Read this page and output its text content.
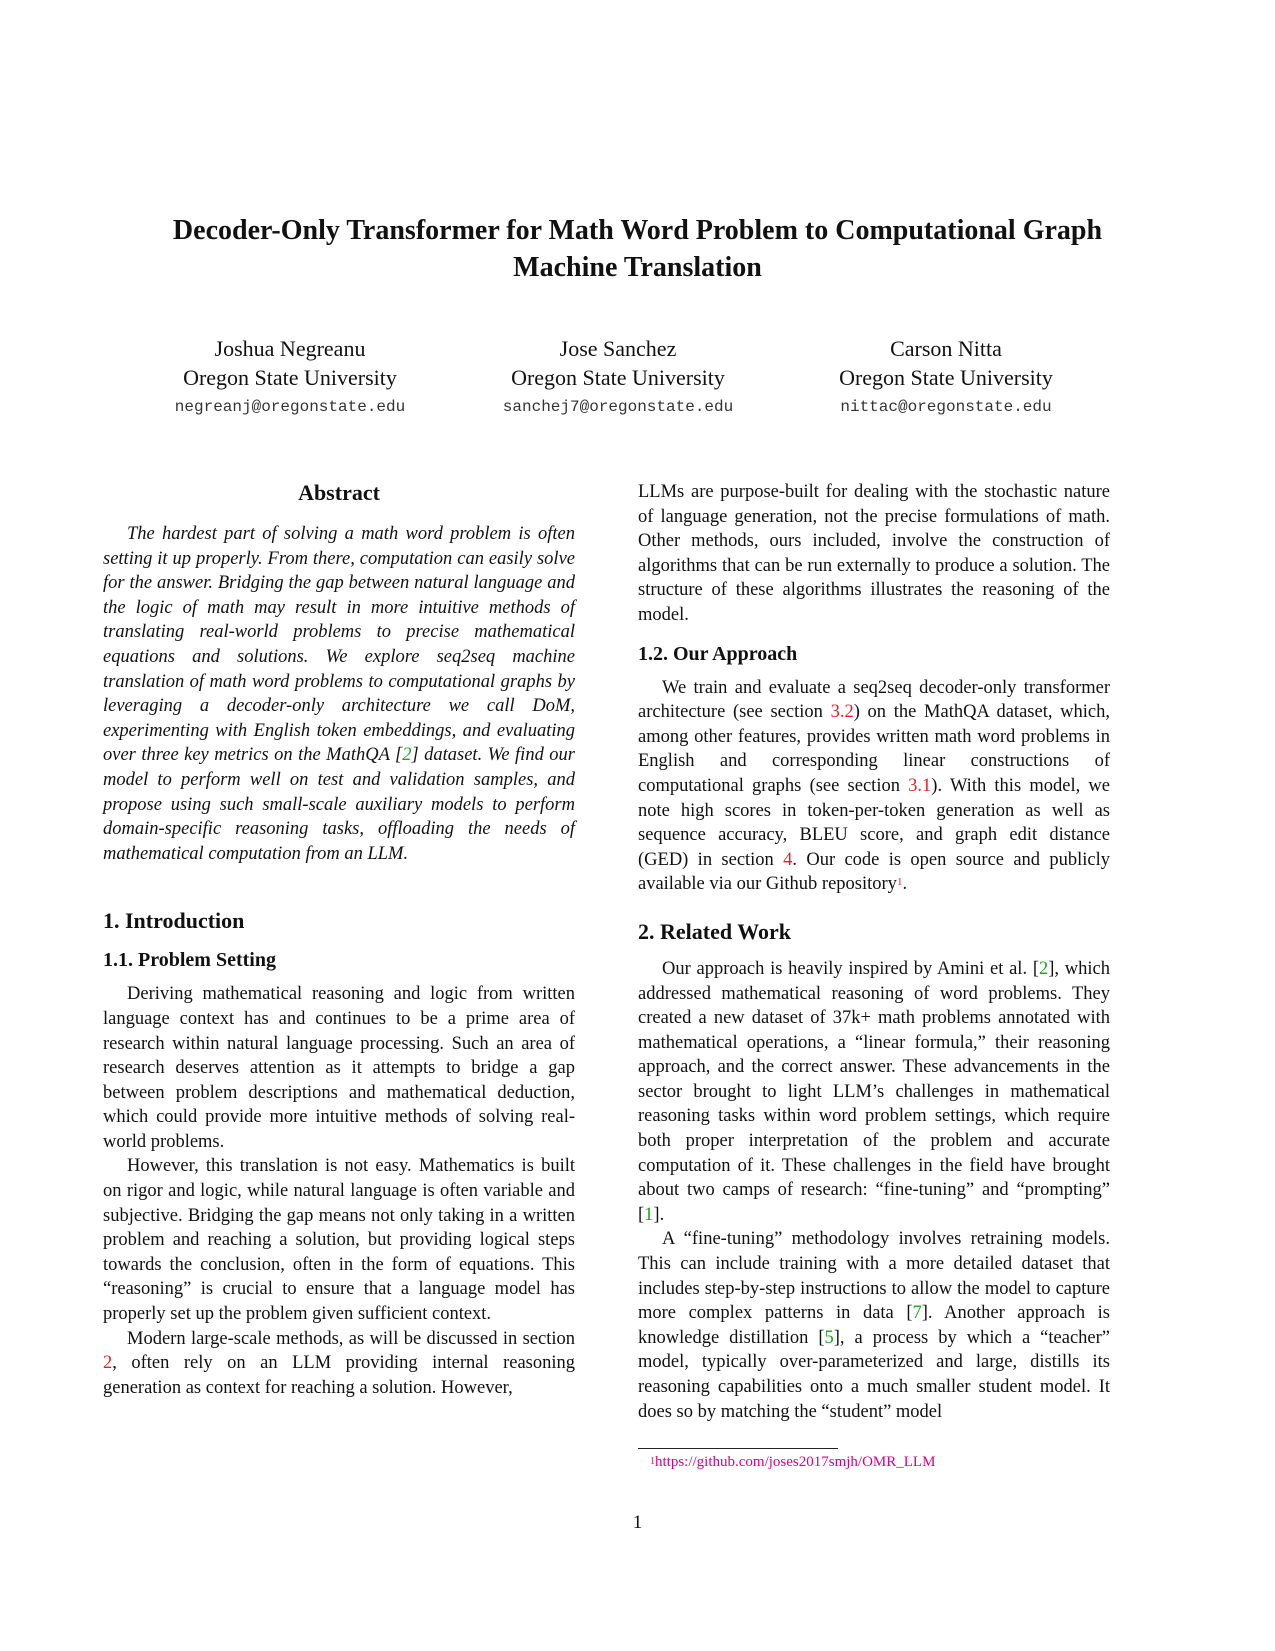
Decoder-Only Transformer for Math Word Problem to Computational Graph
Machine Translation
Joshua Negreanu
Oregon State University
negreanj@oregonstate.edu
Jose Sanchez
Oregon State University
sanchej7@oregonstate.edu
Carson Nitta
Oregon State University
nittac@oregonstate.edu
Abstract

The hardest part of solving a math word problem is often setting it up properly. From there, computation can easily solve for the answer. Bridging the gap between natural language and the logic of math may result in more intuitive methods of translating real-world problems to precise mathematical equations and solutions. We explore seq2seq machine translation of math word problems to computational graphs by leveraging a decoder-only architecture we call DoM, experimenting with English token embeddings, and evaluating over three key metrics on the MathQA [2] dataset. We find our model to perform well on test and validation samples, and propose using such small-scale auxiliary models to perform domain-specific reasoning tasks, offloading the needs of mathematical computation from an LLM.

1. Introduction
1.1. Problem Setting

Deriving mathematical reasoning and logic from written language context has and continues to be a prime area of research within natural language processing. Such an area of research deserves attention as it attempts to bridge a gap between problem descriptions and mathematical deduction, which could provide more intuitive methods of solving real-world problems.

However, this translation is not easy. Mathematics is built on rigor and logic, while natural language is often variable and subjective. Bridging the gap means not only taking in a written problem and reaching a solution, but providing logical steps towards the conclusion, often in the form of equations. This “reasoning” is crucial to ensure that a language model has properly set up the problem given sufficient context.

Modern large-scale methods, as will be discussed in section 2, often rely on an LLM providing internal reasoning generation as context for reaching a solution. However,

LLMs are purpose-built for dealing with the stochastic nature of language generation, not the precise formulations of math. Other methods, ours included, involve the construction of algorithms that can be run externally to produce a solution. The structure of these algorithms illustrates the reasoning of the model.

1.2. Our Approach

We train and evaluate a seq2seq decoder-only transformer architecture (see section 3.2) on the MathQA dataset, which, among other features, provides written math word problems in English and corresponding linear constructions of computational graphs (see section 3.1). With this model, we note high scores in token-per-token generation as well as sequence accuracy, BLEU score, and graph edit distance (GED) in section 4. Our code is open source and publicly available via our Github repository$^1$.

2. Related Work

Our approach is heavily inspired by Amini et al. [2], which addressed mathematical reasoning of word problems. They created a new dataset of 37k+ math problems annotated with mathematical operations, a “linear formula,” their reasoning approach, and the correct answer. These advancements in the sector brought to light LLM’s challenges in mathematical reasoning tasks within word problem settings, which require both proper interpretation of the problem and accurate computation of it. These challenges in the field have brought about two camps of research: “fine-tuning” and “prompting” [1].

A “fine-tuning” methodology involves retraining models. This can include training with a more detailed dataset that includes step-by-step instructions to allow the model to capture more complex patterns in data [7]. Another approach is knowledge distillation [5], a process by which a “teacher” model, typically over-parameterized and large, distills its reasoning capabilities onto a much smaller student model. It does so by matching the “student” model

$^1$https://github.com/joses2017smjh/OMR_LLM
1
